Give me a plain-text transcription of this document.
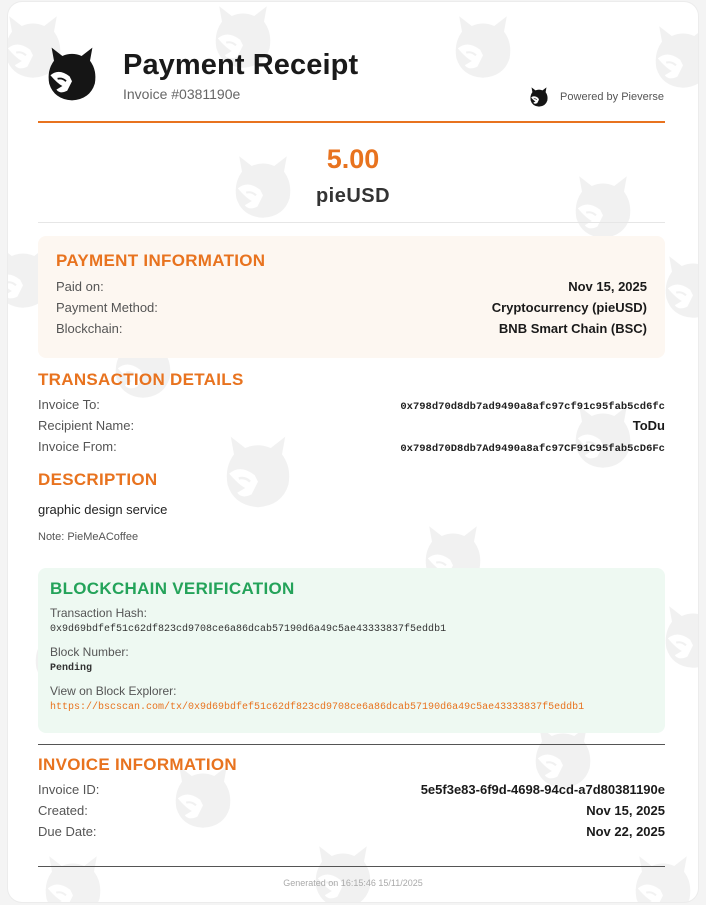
Payment Receipt
Invoice #0381190e	Powered by Pieverse
5.00
pieUSD
PAYMENT INFORMATION
Paid on:	Nov 15, 2025
Payment Method:	Cryptocurrency (pieUSD)
Blockchain:	BNB Smart Chain (BSC)
TRANSACTION DETAILS
Invoice To:	0x798d70d8db7ad9490a8afc97cf91c95fab5cd6fc
Recipient Name:	ToDu
Invoice From:	0x798d70D8db7Ad9490a8afc97CF91C95fab5cD6Fc
DESCRIPTION
graphic design service
Note: PieMeACoffee
BLOCKCHAIN VERIFICATION
Transaction Hash:
0x9d69bdfef51c62df823cd9708ce6a86dcab57190d6a49c5ae43333837f5eddb1
Block Number:
Pending
View on Block Explorer:
https://bscscan.com/tx/0x9d69bdfef51c62df823cd9708ce6a86dcab57190d6a49c5ae43333837f5eddb1
INVOICE INFORMATION
Invoice ID:	5e5f3e83-6f9d-4698-94cd-a7d80381190e
Created:	Nov 15, 2025
Due Date:	Nov 22, 2025
Generated on 16:15:46 15/11/2025
